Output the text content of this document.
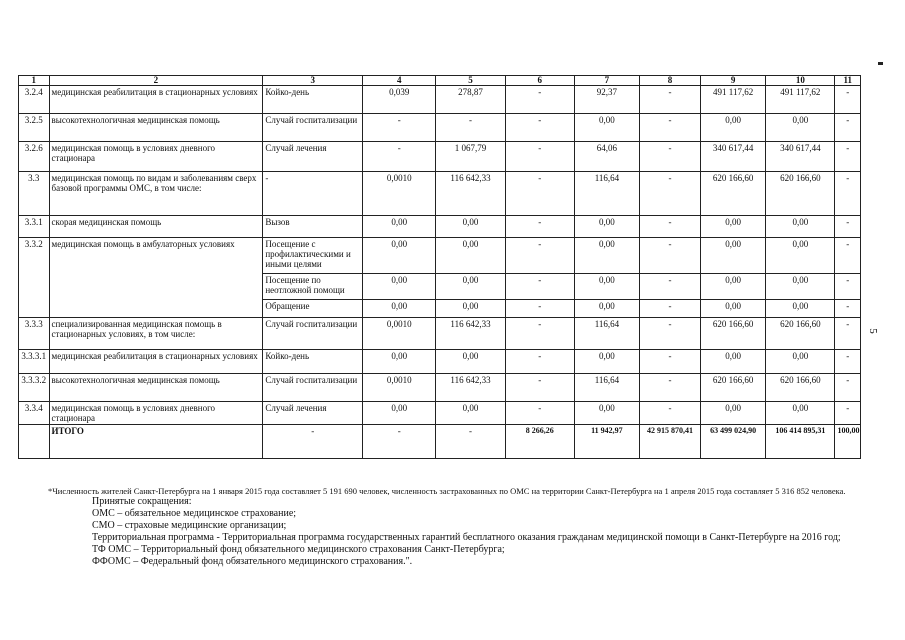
1	2	3	4	5	6	7	8	9	10	11
3.2.4	медицинская реабилитация в стационарных условиях	Койко-день	0,039	278,87	-	92,37	-	491 117,62	491 117,62	-
3.2.5	высокотехнологичная медицинская помощь	Случай госпитализации	-	-	-	0,00	-	0,00	0,00	-
3.2.6	медицинская помощь в условиях дневного стационара	Случай лечения	-	1 067,79	-	64,06	-	340 617,44	340 617,44	-
3.3	медицинская помощь по видам и заболеваниям сверх базовой программы ОМС, в том числе:	-	0,0010	116 642,33	-	116,64	-	620 166,60	620 166,60	-
3.3.1	скорая медицинская помощь	Вызов	0,00	0,00	-	0,00	-	0,00	0,00	-
3.3.2	медицинская помощь в амбулаторных условиях	Посещение с профилактическими и иными целями	0,00	0,00	-	0,00	-	0,00	0,00	-
		Посещение по неотложной помощи	0,00	0,00	-	0,00	-	0,00	0,00	-
		Обращение	0,00	0,00	-	0,00	-	0,00	0,00	-
3.3.3	специализированная медицинская помощь в стационарных условиях, в том числе:	Случай госпитализации	0,0010	116 642,33	-	116,64	-	620 166,60	620 166,60	-
3.3.3.1	медицинская реабилитация в стационарных условиях	Койко-день	0,00	0,00	-	0,00	-	0,00	0,00	-
3.3.3.2	высокотехнологичная медицинская помощь	Случай госпитализации	0,0010	116 642,33	-	116,64	-	620 166,60	620 166,60	-
3.3.4	медицинская помощь в условиях дневного стационара	Случай лечения	0,00	0,00	-	0,00	-	0,00	0,00	-
	ИТОГО	-	-	-	8 266,26	11 942,97	42 915 870,41	63 499 024,90	106 414 895,31	100,00

*Численность жителей Санкт-Петербурга на 1 января 2015 года составляет 5 191 690 человек, численность застрахованных по ОМС на территории Санкт-Петербурга на 1 апреля 2015 года составляет 5 316 852 человека.

Принятые сокращения:

ОМС – обязательное медицинское страхование;

СМО – страховые медицинские организации;

Территориальная программа - Территориальная программа государственных гарантий бесплатного оказания гражданам медицинской помощи в Санкт-Петербурге на 2016 год;

ТФ ОМС – Территориальный фонд обязательного медицинского страхования Санкт-Петербурга;

ФФОМС – Федеральный фонд обязательного медицинского страхования.".

5
